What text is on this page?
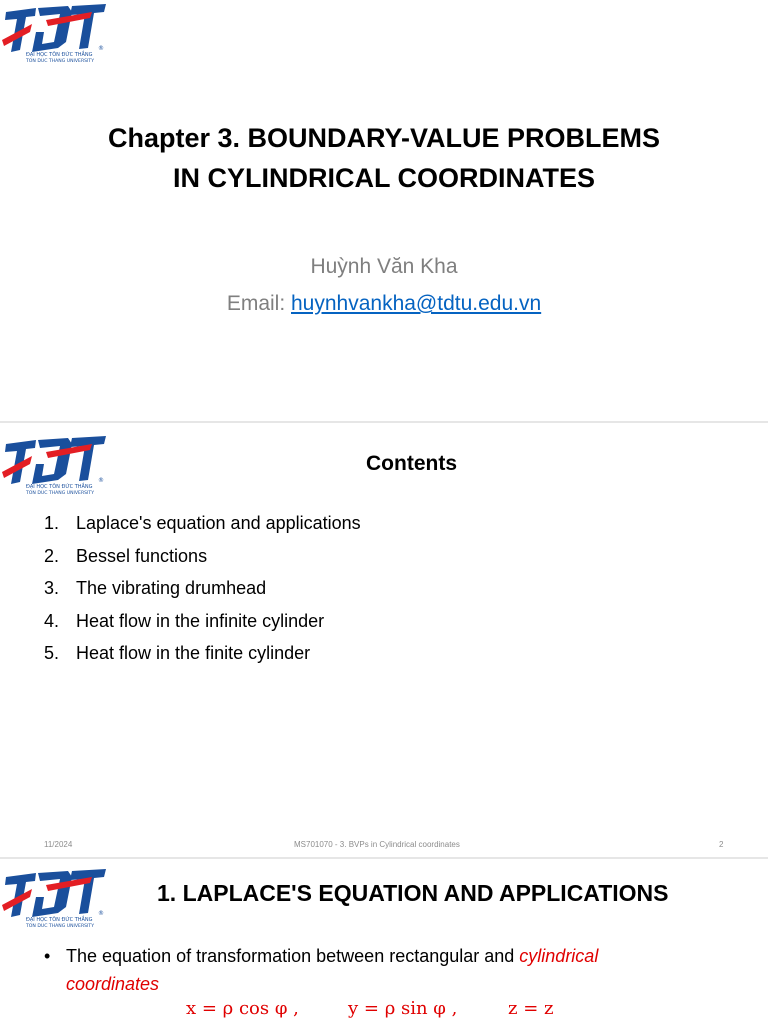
®
ĐẠI HỌC TÔN ĐỨC THẮNG
TON DUC THANG UNIVERSITY
Chapter 3. BOUNDARY-VALUE PROBLEMS
IN CYLINDRICAL COORDINATES
Huỳnh Văn Kha
Email: huynhvankha@tdtu.edu.vn
®
ĐẠI HỌC TÔN ĐỨC THẮNG
TON DUC THANG UNIVERSITY
Contents
1. Laplace's equation and applications
2. Bessel functions
3. The vibrating drumhead
4. Heat flow in the infinite cylinder
5. Heat flow in the finite cylinder
11/2024	MS701070 - 3. BVPs in Cylindrical coordinates	2
®
ĐẠI HỌC TÔN ĐỨC THẮNG
TON DUC THANG UNIVERSITY
1. LAPLACE'S EQUATION AND APPLICATIONS
• The equation of transformation between rectangular and cylindrical
coordinates
x = ρ cos φ ,	y = ρ sin φ ,	z = z
